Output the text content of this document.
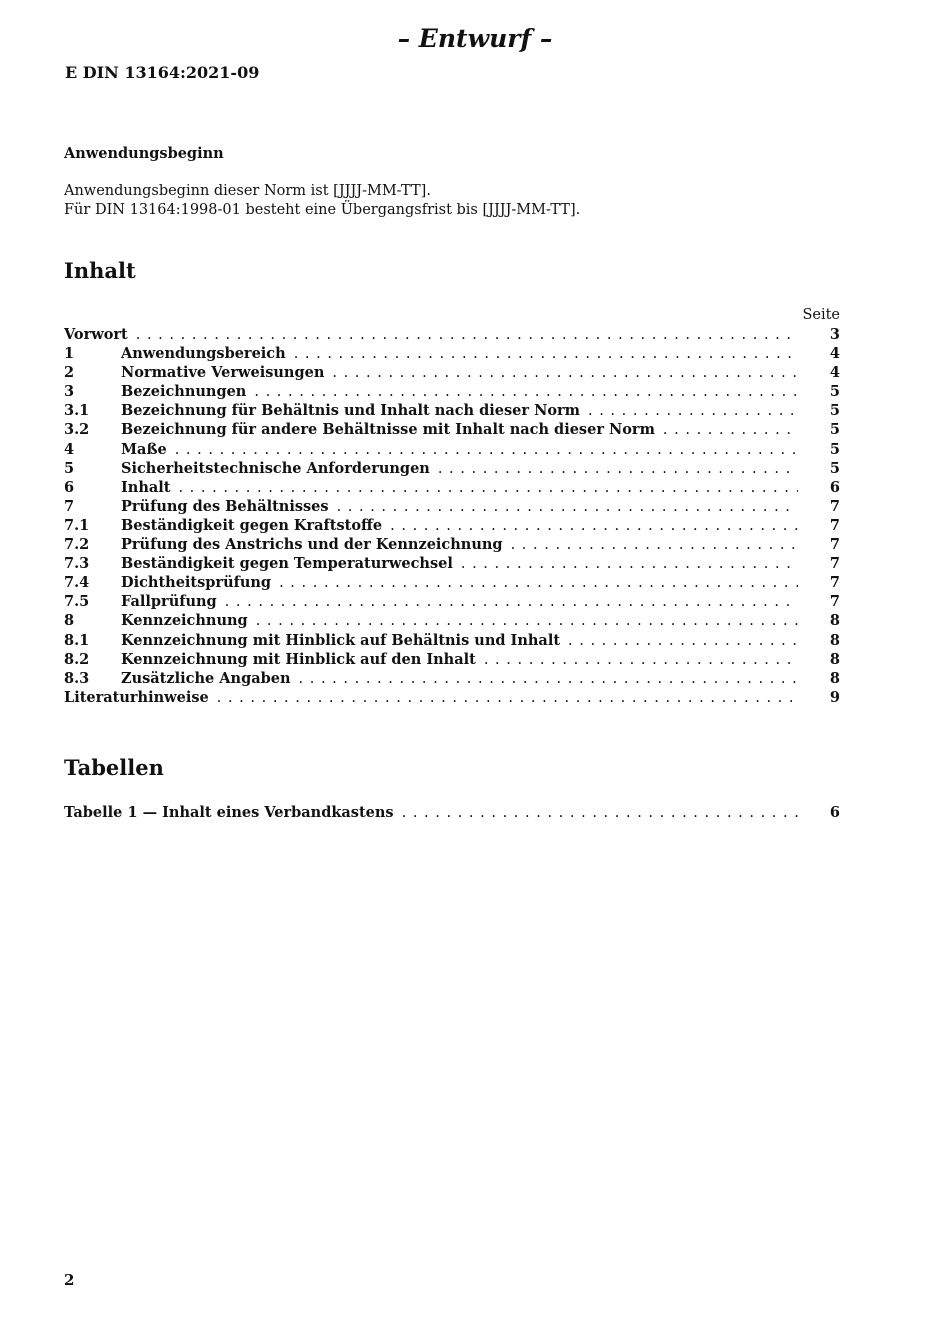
– Entwurf –
E DIN 13164:2021-09
Anwendungsbeginn
Anwendungsbeginn dieser Norm ist [JJJJ-MM-TT].
Für DIN 13164:1998-01 besteht eine Übergangsfrist bis [JJJJ-MM-TT].
Inhalt
Seite
Vorwort . . .	3
1	Anwendungsbereich . . .	4
2	Normative Verweisungen . . .	4
3	Bezeichnungen . . .	5
3.1	Bezeichnung für Behältnis und Inhalt nach dieser Norm . . .	5
3.2	Bezeichnung für andere Behältnisse mit Inhalt nach dieser Norm . . .	5
4	Maße . . .	5
5	Sicherheitstechnische Anforderungen . . .	5
6	Inhalt . . .	6
7	Prüfung des Behältnisses . . .	7
7.1	Beständigkeit gegen Kraftstoffe . . .	7
7.2	Prüfung des Anstrichs und der Kennzeichnung . . .	7
7.3	Beständigkeit gegen Temperaturwechsel . . .	7
7.4	Dichtheitsprüfung . . .	7
7.5	Fallprüfung . . .	7
8	Kennzeichnung . . .	8
8.1	Kennzeichnung mit Hinblick auf Behältnis und Inhalt . . .	8
8.2	Kennzeichnung mit Hinblick auf den Inhalt . . .	8
8.3	Zusätzliche Angaben . . .	8
Literaturhinweise . . .	9
Tabellen
Tabelle 1 — Inhalt eines Verbandkastens . . .	6
2
